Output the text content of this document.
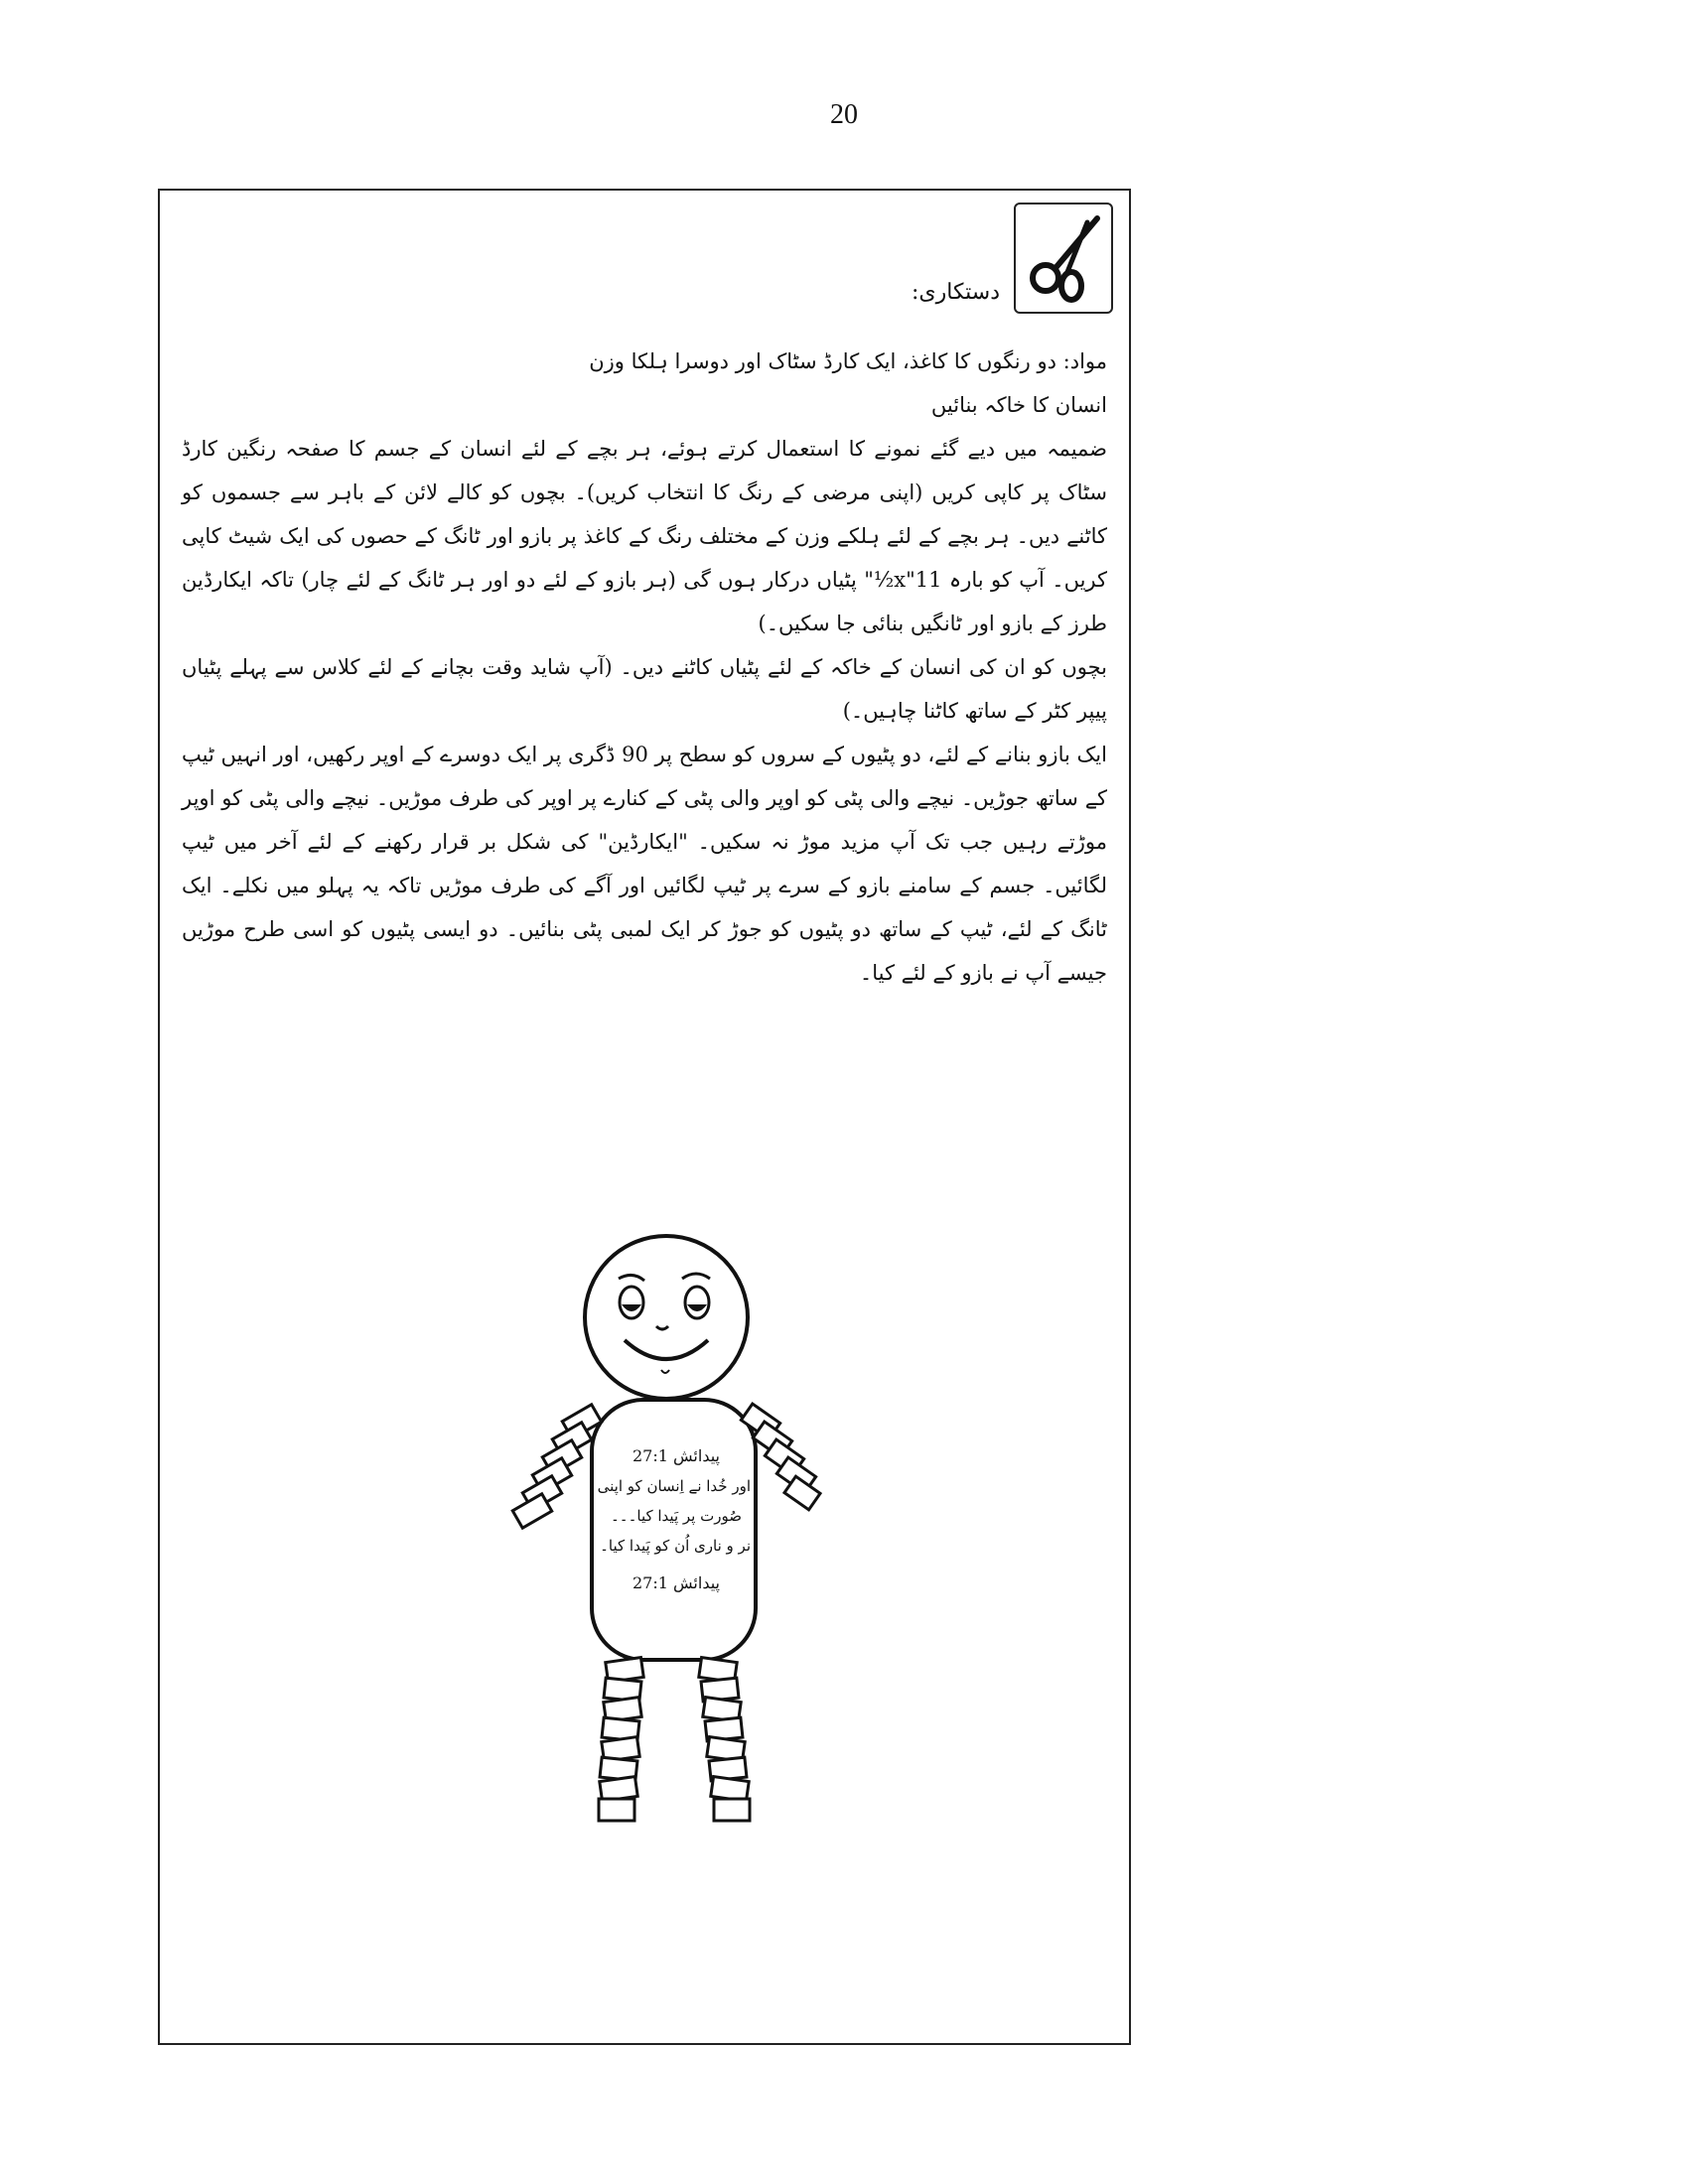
20
دستکاری:

مواد: دو رنگوں کا کاغذ، ایک کارڈ سٹاک اور دوسرا ہلکا وزن

انسان کا خاکہ بنائیں

ضمیمہ میں دیے گئے نمونے کا استعمال کرتے ہوئے، ہر بچے کے لئے انسان کے جسم کا صفحہ رنگین کارڈ سٹاک پر کاپی کریں (اپنی مرضی کے رنگ کا انتخاب کریں)۔ بچوں کو کالے لائن کے باہر سے جسموں کو کاٹنے دیں۔ ہر بچے کے لئے ہلکے وزن کے مختلف رنگ کے کاغذ پر بازو اور ٹانگ کے حصوں کی ایک شیٹ کاپی کریں۔ آپ کو بارہ 11"x½" پٹیاں درکار ہوں گی (ہر بازو کے لئے دو اور ہر ٹانگ کے لئے چار) تاکہ ایکارڈین طرز کے بازو اور ٹانگیں بنائی جا سکیں۔)

بچوں کو ان کی انسان کے خاکہ کے لئے پٹیاں کاٹنے دیں۔ (آپ شاید وقت بچانے کے لئے کلاس سے پہلے پٹیاں پیپر کٹر کے ساتھ کاٹنا چاہیں۔)

ایک بازو بنانے کے لئے، دو پٹیوں کے سروں کو سطح پر 90 ڈگری پر ایک دوسرے کے اوپر رکھیں، اور انہیں ٹیپ کے ساتھ جوڑیں۔ نیچے والی پٹی کو اوپر والی پٹی کے کنارے پر اوپر کی طرف موڑیں۔ نیچے والی پٹی کو اوپر موڑتے رہیں جب تک آپ مزید موڑ نہ سکیں۔ "ایکارڈین" کی شکل بر قرار رکھنے کے لئے آخر میں ٹیپ لگائیں۔ جسم کے سامنے بازو کے سرے پر ٹیپ لگائیں اور آگے کی طرف موڑیں تاکہ یہ پہلو میں نکلے۔ ایک ٹانگ کے لئے، ٹیپ کے ساتھ دو پٹیوں کو جوڑ کر ایک لمبی پٹی بنائیں۔ دو ایسی پٹیوں کو اسی طرح موڑیں جیسے آپ نے بازو کے لئے کیا۔

پیدائش 27:1
اور خُدا نے اِنسان کو اپنی
صُورت پر پَیدا کیا۔۔۔
نر و ناری اُن کو پَیدا کیا۔
پیدائش 27:1
